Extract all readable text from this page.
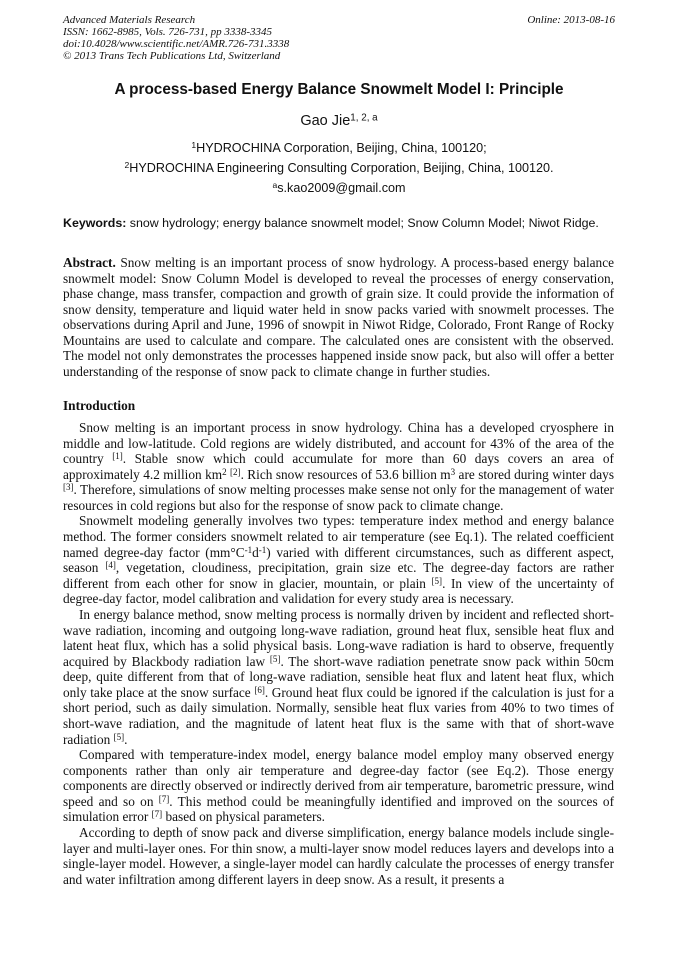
Advanced Materials Research
ISSN: 1662-8985, Vols. 726-731, pp 3338-3345
doi:10.4028/www.scientific.net/AMR.726-731.3338
© 2013 Trans Tech Publications Ltd, Switzerland
Online: 2013-08-16
A process-based Energy Balance Snowmelt Model I: Principle
Gao Jie$^{1, 2, a}$
$^1$HYDROCHINA Corporation, Beijing, China, 100120;
$^2$HYDROCHINA Engineering Consulting Corporation, Beijing, China, 100120.
$^a$s.kao2009@gmail.com
Keywords: snow hydrology; energy balance snowmelt model; Snow Column Model; Niwot Ridge.

Abstract. Snow melting is an important process of snow hydrology. A process-based energy balance snowmelt model: Snow Column Model is developed to reveal the processes of energy conservation, phase change, mass transfer, compaction and growth of grain size. It could provide the information of snow density, temperature and liquid water held in snow packs varied with snowmelt processes. The observations during April and June, 1996 of snowpit in Niwot Ridge, Colorado, Front Range of Rocky Mountains are used to calculate and compare. The calculated ones are consistent with the observed. The model not only demonstrates the processes happened inside snow pack, but also will offer a better understanding of the response of snow pack to climate change in further studies.

Introduction

Snow melting is an important process in snow hydrology. China has a developed cryosphere in middle and low-latitude. Cold regions are widely distributed, and account for 43% of the area of the country [1]. Stable snow which could accumulate for more than 60 days covers an area of approximately 4.2 million $km^2$ [2]. Rich snow resources of 53.6 billion $m^3$ are stored during winter days [3]. Therefore, simulations of snow melting processes make sense not only for the management of water resources in cold regions but also for the response of snow pack to climate change.

Snowmelt modeling generally involves two types: temperature index method and energy balance method. The former considers snowmelt related to air temperature (see Eq.1). The related coefficient named degree-day factor $(mm^\circ C^{-1}d^{-1})$ varied with different circumstances, such as different aspect, season [4], vegetation, cloudiness, precipitation, grain size etc. The degree-day factors are rather different from each other for snow in glacier, mountain, or plain [5]. In view of the uncertainty of degree-day factor, model calibration and validation for every study area is necessary.

In energy balance method, snow melting process is normally driven by incident and reflected short-wave radiation, incoming and outgoing long-wave radiation, ground heat flux, sensible heat flux and latent heat flux, which has a solid physical basis. Long-wave radiation is hard to observe, frequently acquired by Blackbody radiation law [5]. The short-wave radiation penetrate snow pack within 50cm deep, quite different from that of long-wave radiation, sensible heat flux and latent heat flux, which only take place at the snow surface [6]. Ground heat flux could be ignored if the calculation is just for a short period, such as daily simulation. Normally, sensible heat flux varies from 40% to two times of short-wave radiation, and the magnitude of latent heat flux is the same with that of short-wave radiation [5].

Compared with temperature-index model, energy balance model employ many observed energy components rather than only air temperature and degree-day factor (see Eq.2). Those energy components are directly observed or indirectly derived from air temperature, barometric pressure, wind speed and so on [7]. This method could be meaningfully identified and improved on the sources of simulation error [7] based on physical parameters.

According to depth of snow pack and diverse simplification, energy balance models include single-layer and multi-layer ones. For thin snow, a multi-layer snow model reduces layers and develops into a single-layer model. However, a single-layer model can hardly calculate the processes of energy transfer and water infiltration among different layers in deep snow. As a result, it presents a
